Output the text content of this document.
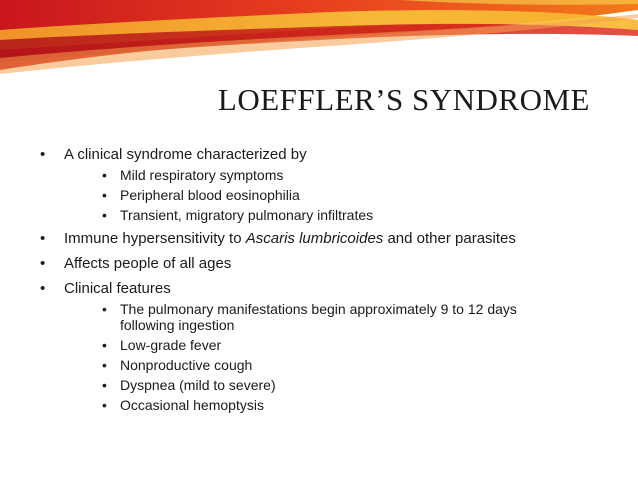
LOEFFLER’S SYNDROME
•	A clinical syndrome characterized by
• Mild respiratory symptoms
• Peripheral blood eosinophilia
• Transient, migratory pulmonary infiltrates
•	Immune hypersensitivity to Ascaris lumbricoides and other parasites
•	Affects people of all ages
•	Clinical features
• The pulmonary manifestations begin approximately 9 to 12 days following ingestion
• Low-grade fever
• Nonproductive cough
• Dyspnea (mild to severe)
• Occasional hemoptysis
